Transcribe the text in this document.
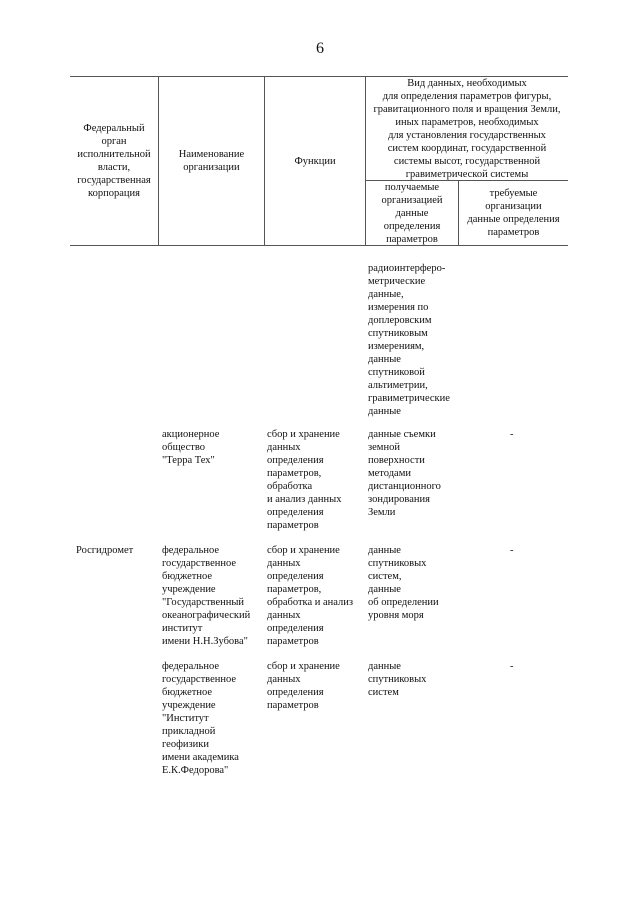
6
Федеральный
орган
исполнительной
власти,
государственная
корпорация
Наименование
организации
Функции
Вид данных, необходимых
для определения параметров фигуры,
гравитационного поля и вращения Земли,
иных параметров, необходимых
для установления государственных
систем координат, государственной
системы высот, государственной
гравиметрической системы
получаемые
организацией
данные
определения
параметров
требуемые
организации
данные определения
параметров
радиоинтерферо-
метрические
данные,
измерения по
доплеровским
спутниковым
измерениям,
данные
спутниковой
альтиметрии,
гравиметрические
данные
акционерное
общество
"Терра Тех"
сбор и хранение
данных
определения
параметров,
обработка
и анализ данных
определения
параметров
данные съемки
земной
поверхности
методами
дистанционного
зондирования
Земли
-
Росгидромет	федеральное
государственное
бюджетное
учреждение
"Государственный
океанографический
институт
имени Н.Н.Зубова"
сбор и хранение
данных
определения
параметров,
обработка и анализ
данных
определения
параметров
данные
спутниковых
систем,
данные
об определении
уровня моря
-
федеральное
государственное
бюджетное
учреждение
"Институт
прикладной
геофизики
имени академика
Е.К.Федорова"
сбор и хранение
данных
определения
параметров
данные
спутниковых
систем
-
